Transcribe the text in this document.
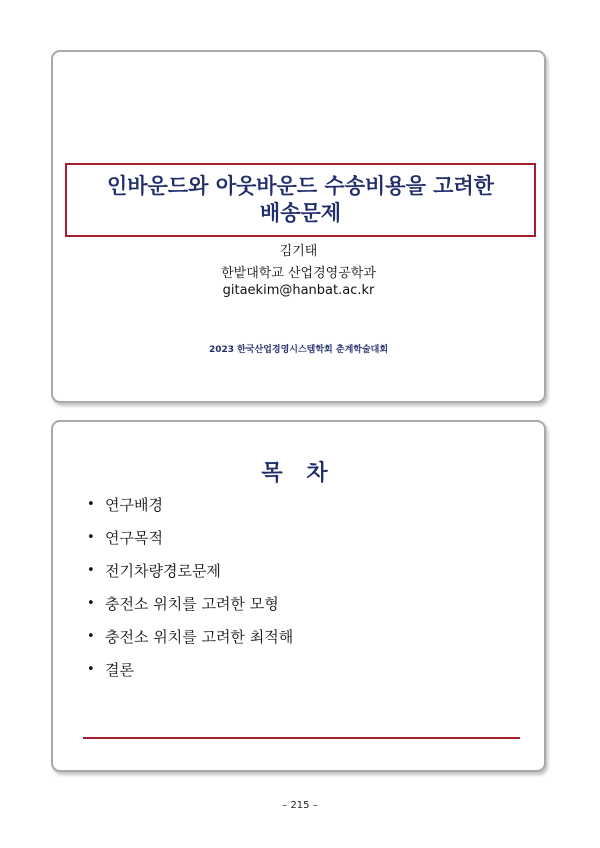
인바운드와 아웃바운드 수송비용을 고려한
배송문제
김기태
한밭대학교 산업경영공학과
gitaekim@hanbat.ac.kr
2023 한국산업경영시스템학회 춘계학술대회
목 차
• 연구배경
• 연구목적
• 전기차량경로문제
• 충전소 위치를 고려한 모형
• 충전소 위치를 고려한 최적해
• 결론
– 215 –
